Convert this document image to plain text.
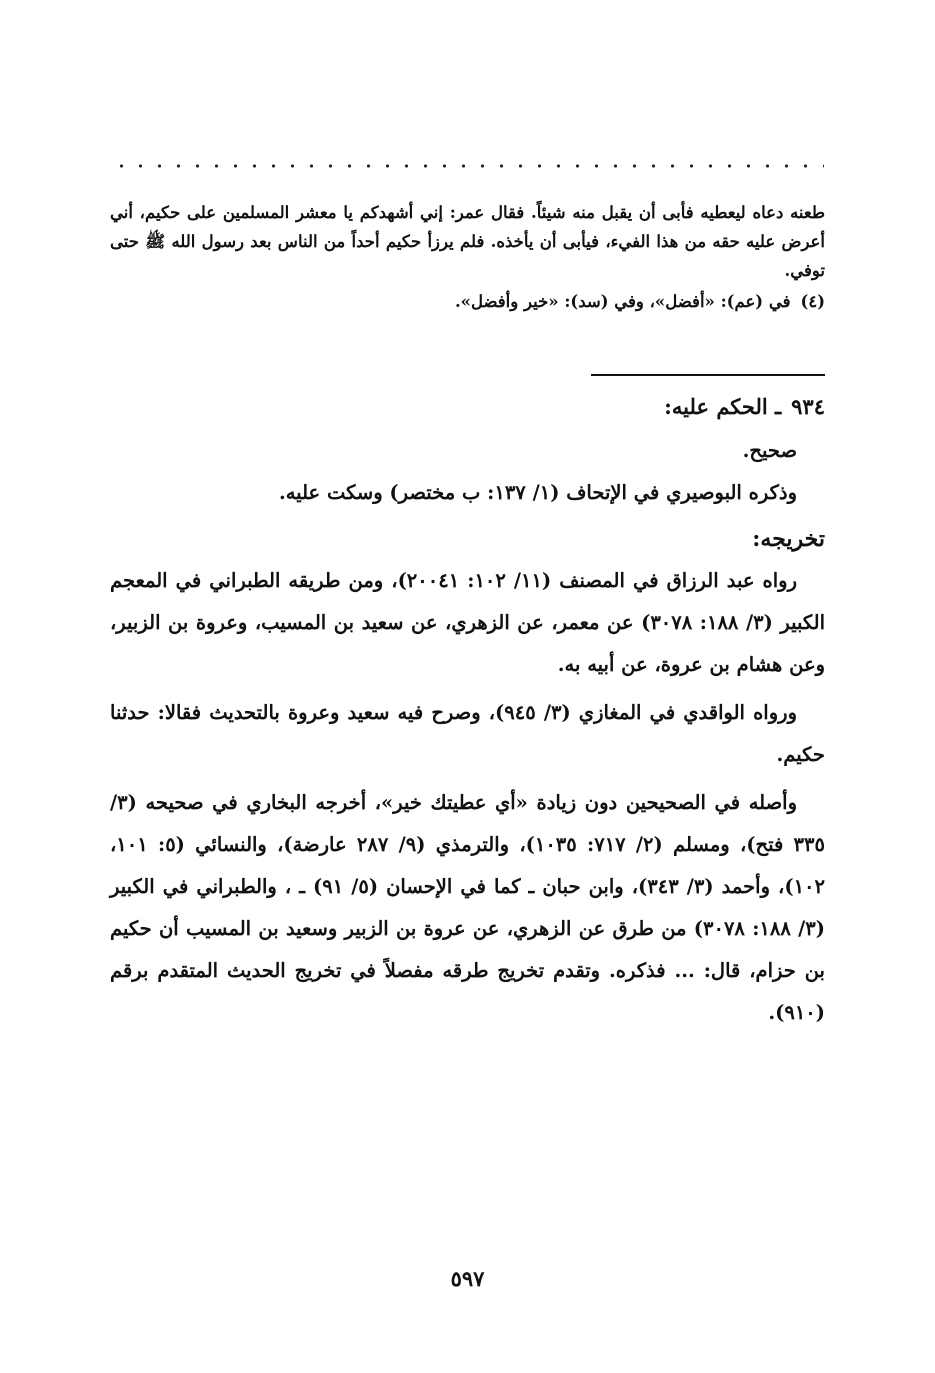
طعنه دعاه ليعطيه فأبى أن يقبل منه شيئاً. فقال عمر: إني أشهدكم يا معشر المسلمين على حكيم، أني أعرض عليه حقه من هذا الفيء، فيأبى أن يأخذه. فلم يرزأ حكيم أحداً من الناس بعد رسول الله ﷺ حتى توفي.

(٤)في (عم): «أفضل»، وفي (سد): «خير وأفضل».

٩٣٤ـ الحكم عليه:

صحيح.

وذكره البوصيري في الإتحاف (١/ ١٣٧: ب مختصر) وسكت عليه.

تخريجه:

رواه عبد الرزاق في المصنف (١١/ ١٠٢: ٢٠٠٤١)، ومن طريقه الطبراني في المعجم الكبير (٣/ ١٨٨: ٣٠٧٨) عن معمر، عن الزهري، عن سعيد بن المسيب، وعروة بن الزبير، وعن هشام بن عروة، عن أبيه به.

ورواه الواقدي في المغازي (٣/ ٩٤٥)، وصرح فيه سعيد وعروة بالتحديث فقالا: حدثنا حكيم.

وأصله في الصحيحين دون زيادة «أي عطيتك خير»، أخرجه البخاري في صحيحه (٣/ ٣٣٥ فتح)، ومسلم (٢/ ٧١٧: ١٠٣٥)، والترمذي (٩/ ٢٨٧ عارضة)، والنسائي (٥: ١٠١، ١٠٢)، وأحمد (٣/ ٣٤٣)، وابن حبان ـ كما في الإحسان (٥/ ٩١) ـ ، والطبراني في الكبير (٣/ ١٨٨: ٣٠٧٨) من طرق عن الزهري، عن عروة بن الزبير وسعيد بن المسيب أن حكيم بن حزام، قال: ... فذكره. وتقدم تخريج طرقه مفصلاً في تخريج الحديث المتقدم برقم (٩١٠).

٥٩٧
